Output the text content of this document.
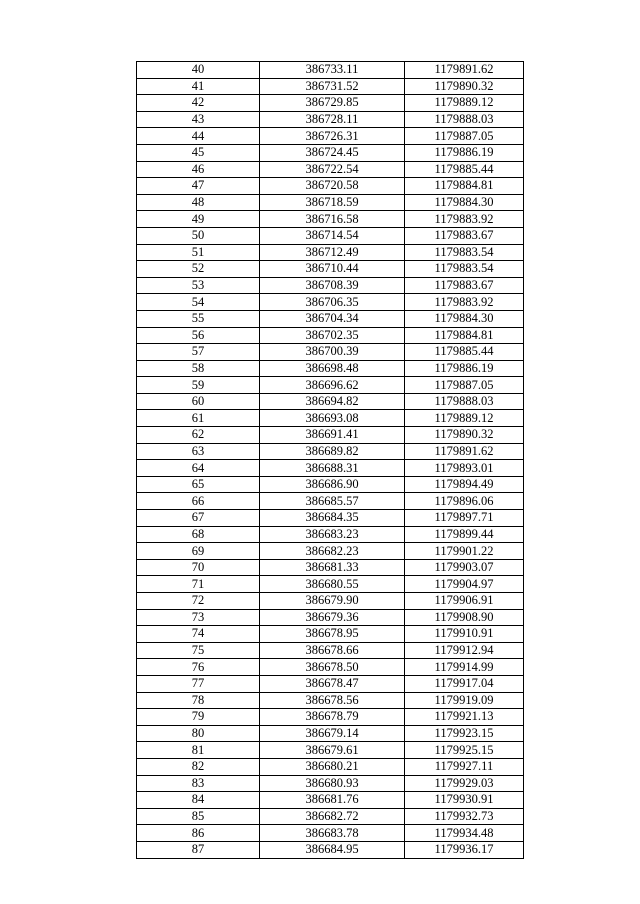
40	386733.11	1179891.62
41	386731.52	1179890.32
42	386729.85	1179889.12
43	386728.11	1179888.03
44	386726.31	1179887.05
45	386724.45	1179886.19
46	386722.54	1179885.44
47	386720.58	1179884.81
48	386718.59	1179884.30
49	386716.58	1179883.92
50	386714.54	1179883.67
51	386712.49	1179883.54
52	386710.44	1179883.54
53	386708.39	1179883.67
54	386706.35	1179883.92
55	386704.34	1179884.30
56	386702.35	1179884.81
57	386700.39	1179885.44
58	386698.48	1179886.19
59	386696.62	1179887.05
60	386694.82	1179888.03
61	386693.08	1179889.12
62	386691.41	1179890.32
63	386689.82	1179891.62
64	386688.31	1179893.01
65	386686.90	1179894.49
66	386685.57	1179896.06
67	386684.35	1179897.71
68	386683.23	1179899.44
69	386682.23	1179901.22
70	386681.33	1179903.07
71	386680.55	1179904.97
72	386679.90	1179906.91
73	386679.36	1179908.90
74	386678.95	1179910.91
75	386678.66	1179912.94
76	386678.50	1179914.99
77	386678.47	1179917.04
78	386678.56	1179919.09
79	386678.79	1179921.13
80	386679.14	1179923.15
81	386679.61	1179925.15
82	386680.21	1179927.11
83	386680.93	1179929.03
84	386681.76	1179930.91
85	386682.72	1179932.73
86	386683.78	1179934.48
87	386684.95	1179936.17
